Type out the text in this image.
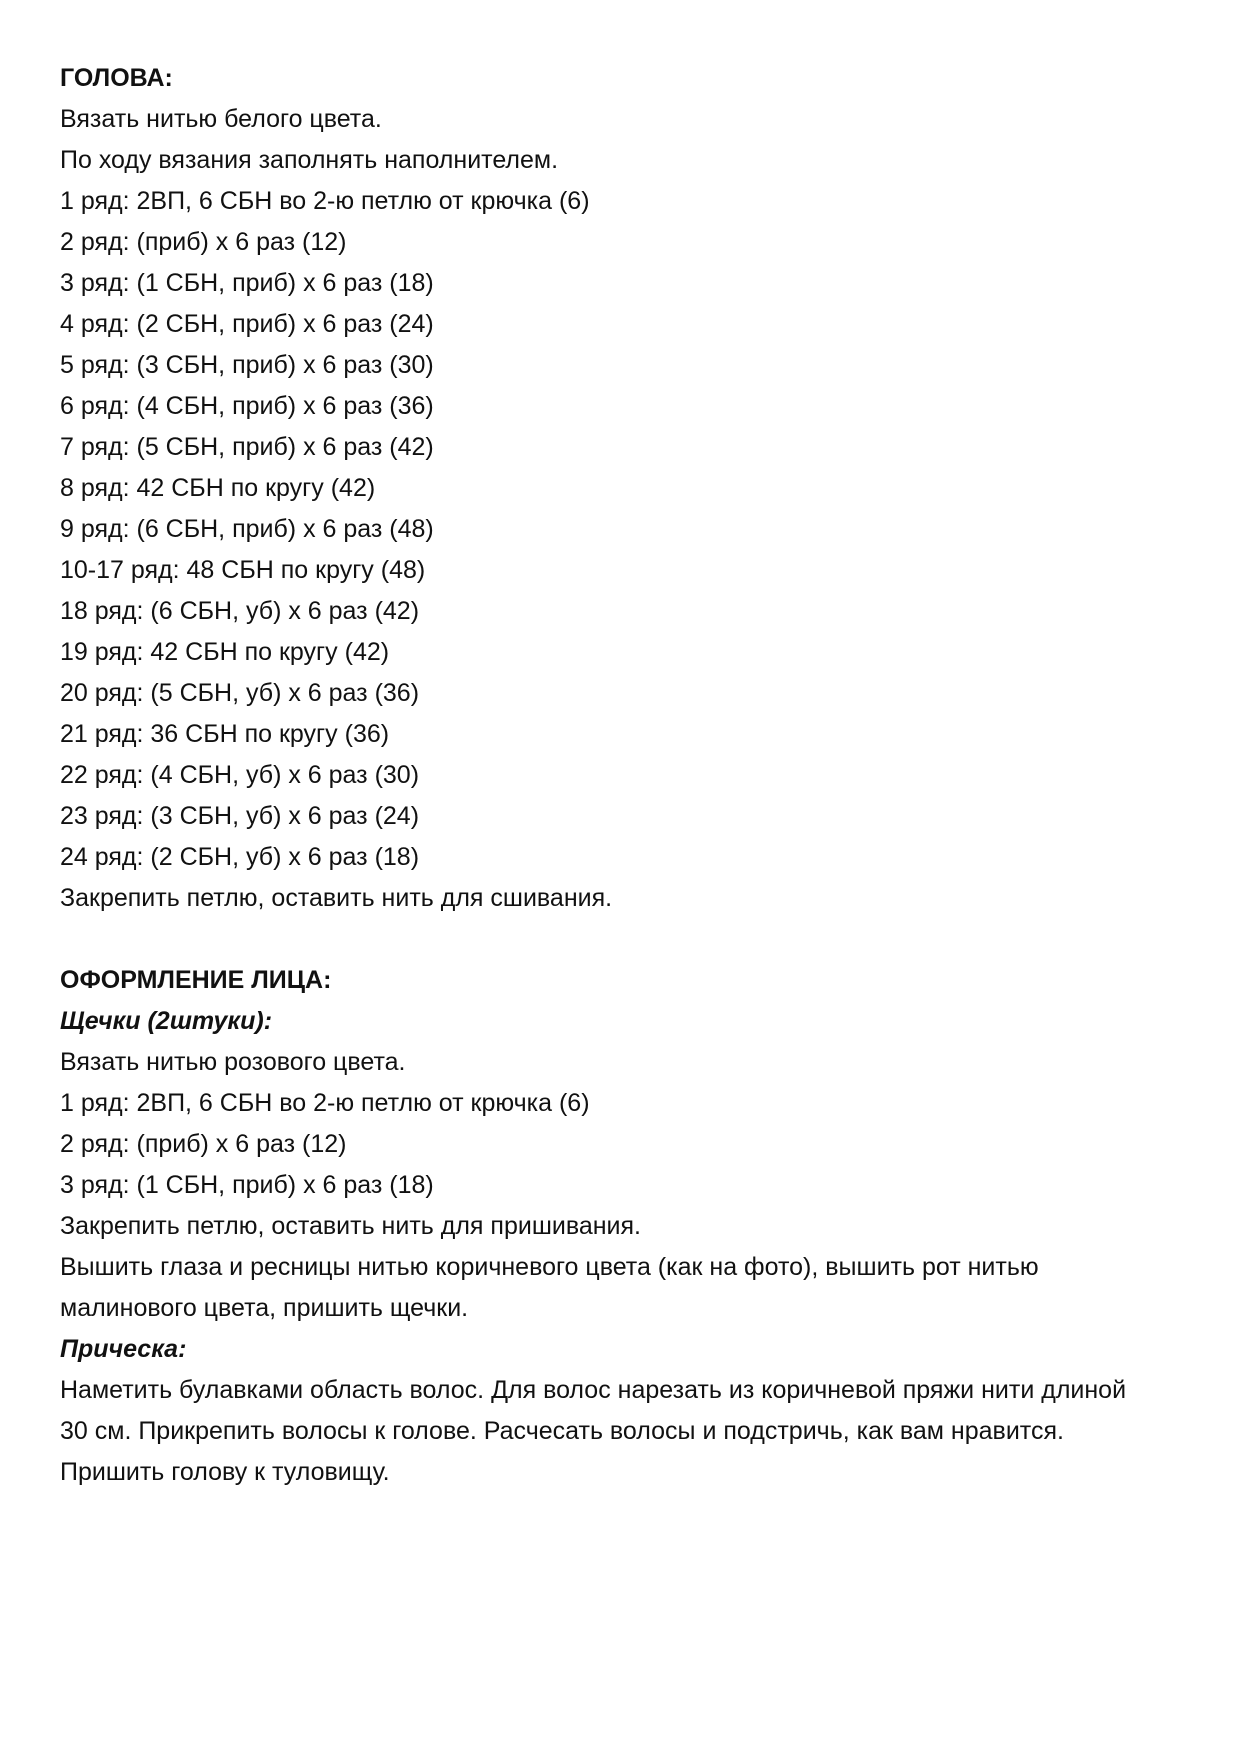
ГОЛОВА:
Вязать нитью белого цвета.
По ходу вязания заполнять наполнителем.
1 ряд: 2ВП, 6 СБН во 2-ю петлю от крючка (6)
2 ряд: (приб) х 6 раз (12)
3 ряд: (1 СБН, приб) х 6 раз (18)
4 ряд: (2 СБН, приб) х 6 раз (24)
5 ряд: (3 СБН, приб) х 6 раз (30)
6 ряд: (4 СБН, приб) х 6 раз (36)
7 ряд: (5 СБН, приб) х 6 раз (42)
8 ряд: 42 СБН по кругу (42)
9 ряд: (6 СБН, приб) х 6 раз (48)
10-17 ряд: 48 СБН по кругу (48)
18 ряд: (6 СБН, уб) х 6 раз (42)
19 ряд: 42 СБН по кругу (42)
20 ряд: (5 СБН, уб) х 6 раз (36)
21 ряд: 36 СБН по кругу (36)
22 ряд: (4 СБН, уб) х 6 раз (30)
23 ряд: (3 СБН, уб) х 6 раз (24)
24 ряд: (2 СБН, уб) х 6 раз (18)
Закрепить петлю, оставить нить для сшивания.
ОФОРМЛЕНИЕ ЛИЦА:
Щечки (2штуки):
Вязать нитью розового цвета.
1 ряд: 2ВП, 6 СБН во 2-ю петлю от крючка (6)
2 ряд: (приб) х 6 раз (12)
3 ряд: (1 СБН, приб) х 6 раз (18)
Закрепить петлю, оставить нить для пришивания.
Вышить глаза и ресницы нитью коричневого цвета (как на фото), вышить рот нитью малинового цвета, пришить щечки.
Прическа:
Наметить булавками область волос. Для волос нарезать из коричневой пряжи нити длиной 30 см. Прикрепить волосы к голове. Расчесать волосы и подстричь, как вам нравится.
Пришить голову к туловищу.
